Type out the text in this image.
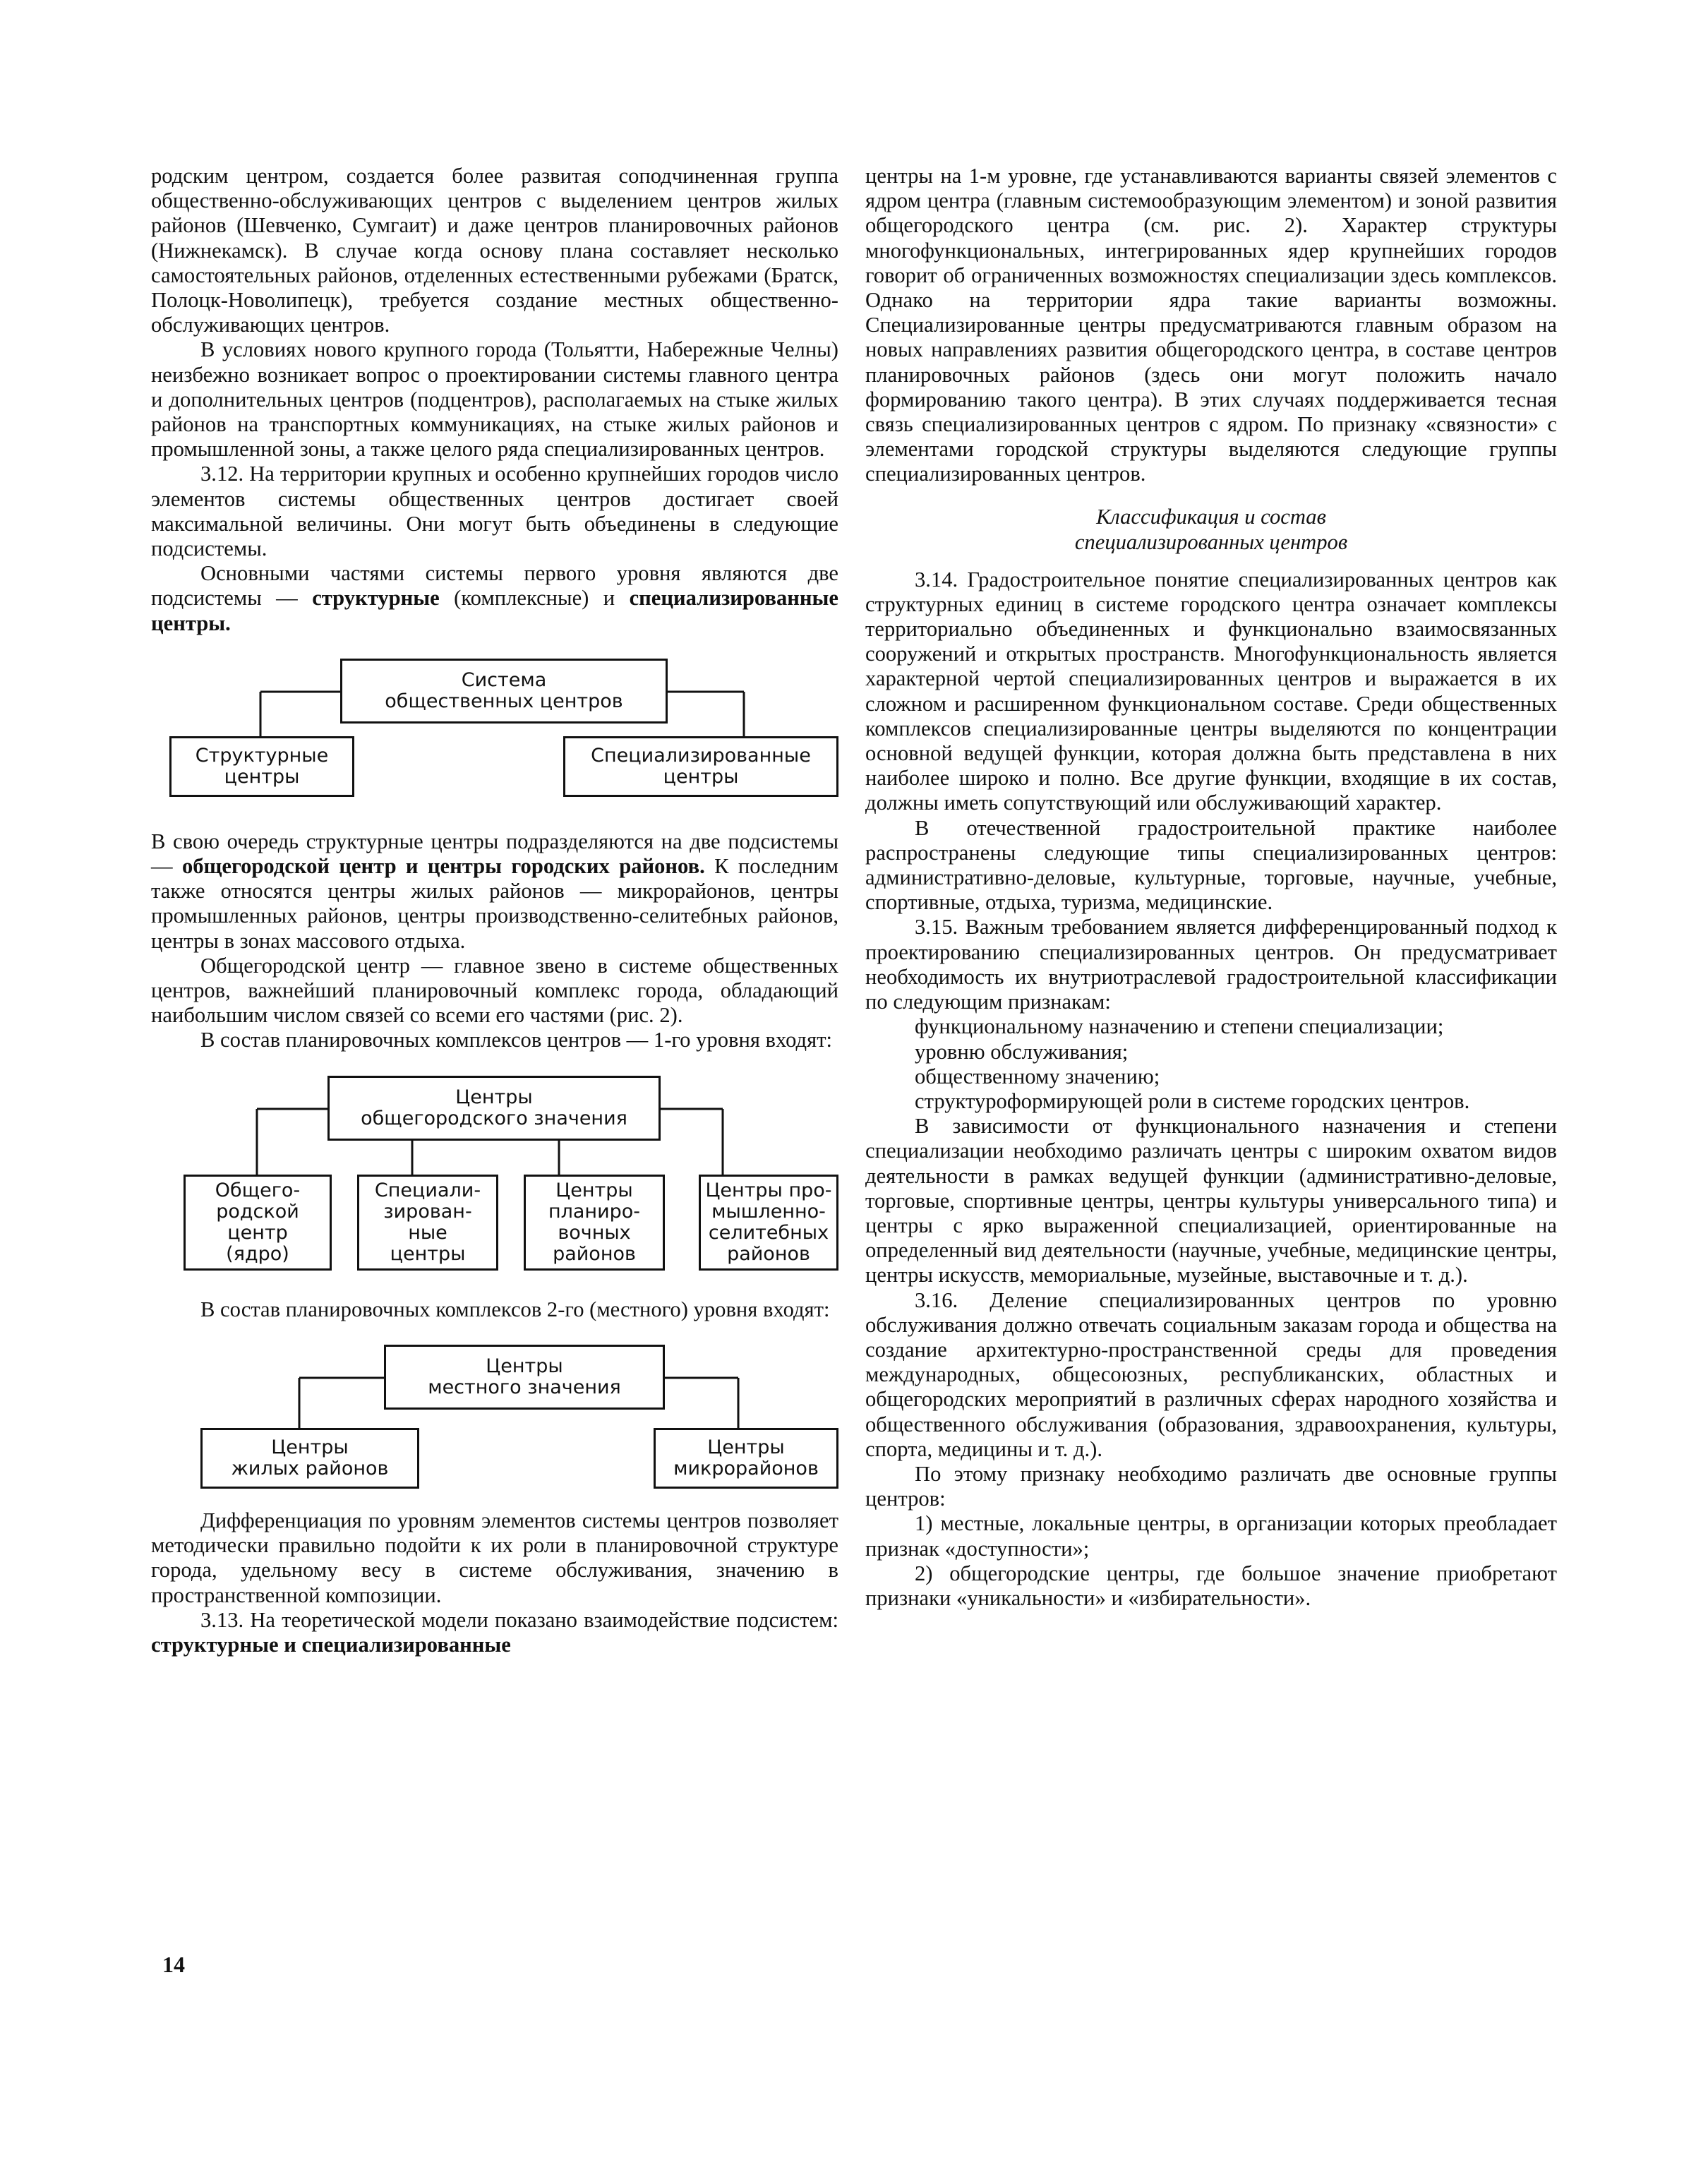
родским центром, создается более развитая соподчиненная группа общественно-обслуживающих центров с выделением центров жилых районов (Шевченко, Сумгаит) и даже центров планировочных районов (Нижнекамск). В случае когда основу плана составляет несколько самостоятельных районов, отделенных естественными рубежами (Братск, Полоцк-Новолипецк), требуется создание местных общественно-обслуживающих центров.

В условиях нового крупного города (Тольятти, Набережные Челны) неизбежно возникает вопрос о проектировании системы главного центра и дополнительных центров (подцентров), располагаемых на стыке жилых районов на транспортных коммуникациях, на стыке жилых районов и промышленной зоны, а также целого ряда специализированных центров.

3.12. На территории крупных и особенно крупнейших городов число элементов системы общественных центров достигает своей максимальной величины. Они могут быть объединены в следующие подсистемы.

Основными частями системы первого уровня являются две подсистемы — структурные (комплексные) и специализированные центры.

Система
общественных центров
Структурные
центры
Специализированные
центры

В свою очередь структурные центры подразделяются на две подсистемы — общегородской центр и центры городских районов. К последним также относятся центры жилых районов — микрорайонов, центры промышленных районов, центры производственно-селитебных районов, центры в зонах массового отдыха.

Общегородской центр — главное звено в системе общественных центров, важнейший планировочный комплекс города, обладающий наибольшим числом связей со всеми его частями (рис. 2).

В состав планировочных комплексов центров — 1-го уровня входят:

Центры
общегородского значения
Общего-
родской
центр
(ядро)
Специали-
зирован-
ные
центры
Центры
планиро-
вочных
районов
Центры про-
мышленно-
селитебных
районов

В состав планировочных комплексов 2-го (местного) уровня входят:

Центры
местного значения
Центры
жилых районов
Центры
микрорайонов

Дифференциация по уровням элементов системы центров позволяет методически правильно подойти к их роли в планировочной структуре города, удельному весу в системе обслуживания, значению в пространственной композиции.

3.13. На теоретической модели показано взаимодействие подсистем: структурные и специализированные

центры на 1-м уровне, где устанавливаются варианты связей элементов с ядром центра (главным системообразующим элементом) и зоной развития общегородского центра (см. рис. 2). Характер структуры многофункциональных, интегрированных ядер крупнейших городов говорит об ограниченных возможностях специализации здесь комплексов. Однако на территории ядра такие варианты возможны. Специализированные центры предусматриваются главным образом на новых направлениях развития общегородского центра, в составе центров планировочных районов (здесь они могут положить начало формированию такого центра). В этих случаях поддерживается тесная связь специализированных центров с ядром. По признаку «связности» с элементами городской структуры выделяются следующие группы специализированных центров.

Классификация и состав
специализированных центров

3.14. Градостроительное понятие специализированных центров как структурных единиц в системе городского центра означает комплексы территориально объединенных и функционально взаимосвязанных сооружений и открытых пространств. Многофункциональность является характерной чертой специализированных центров и выражается в их сложном и расширенном функциональном составе. Среди общественных комплексов специализированные центры выделяются по концентрации основной ведущей функции, которая должна быть представлена в них наиболее широко и полно. Все другие функции, входящие в их состав, должны иметь сопутствующий или обслуживающий характер.

В отечественной градостроительной практике наиболее распространены следующие типы специализированных центров: административно-деловые, культурные, торговые, научные, учебные, спортивные, отдыха, туризма, медицинские.

3.15. Важным требованием является дифференцированный подход к проектированию специализированных центров. Он предусматривает необходимость их внутриотраслевой градостроительной классификации по следующим признакам:

функциональному назначению и степени специализации;

уровню обслуживания;

общественному значению;

структуроформирующей роли в системе городских центров.

В зависимости от функционального назначения и степени специализации необходимо различать центры с широким охватом видов деятельности в рамках ведущей функции (административно-деловые, торговые, спортивные центры, центры культуры универсального типа) и центры с ярко выраженной специализацией, ориентированные на определенный вид деятельности (научные, учебные, медицинские центры, центры искусств, мемориальные, музейные, выставочные и т. д.).

3.16. Деление специализированных центров по уровню обслуживания должно отвечать социальным заказам города и общества на создание архитектурно-пространственной среды для проведения международных, общесоюзных, республиканских, областных и общегородских мероприятий в различных сферах народного хозяйства и общественного обслуживания (образования, здравоохранения, культуры, спорта, медицины и т. д.).

По этому признаку необходимо различать две основные группы центров:

1) местные, локальные центры, в организации которых преобладает признак «доступности»;

2) общегородские центры, где большое значение приобретают признаки «уникальности» и «избирательности».

14
